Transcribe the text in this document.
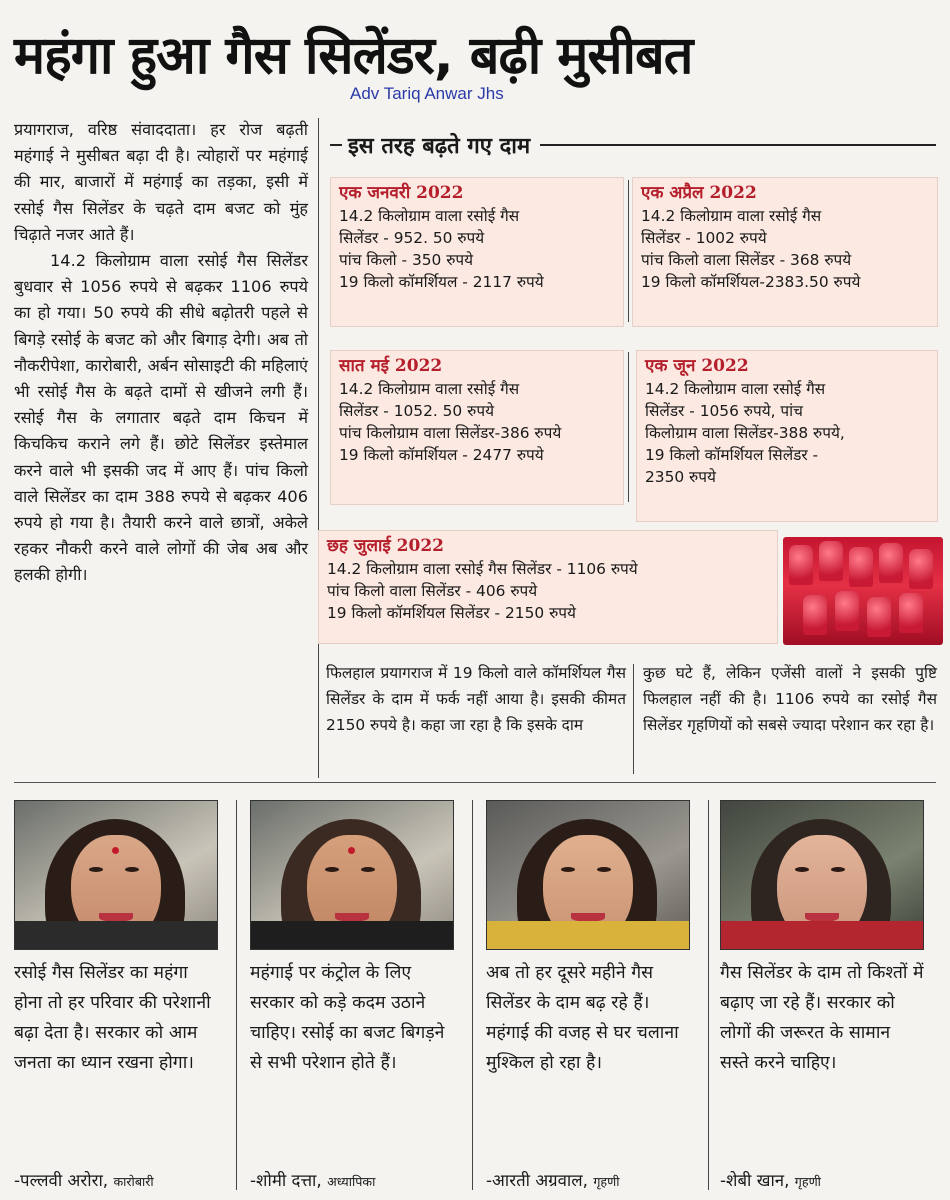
महंगा हुआ गैस सिलेंडर, बढ़ी मुसीबत
Adv Tariq Anwar Jhs

प्रयागराज, वरिष्ठ संवाददाता। हर रोज बढ़ती महंगाई ने मुसीबत बढ़ा दी है। त्योहारों पर महंगाई की मार, बाजारों में महंगाई का तड़का, इसी में रसोई गैस सिलेंडर के चढ़ते दाम बजट को मुंह चिढ़ाते नजर आते हैं।

14.2 किलोग्राम वाला रसोई गैस सिलेंडर बुधवार से 1056 रुपये से बढ़कर 1106 रुपये का हो गया। 50 रुपये की सीधे बढ़ोतरी पहले से बिगड़े रसोई के बजट को और बिगाड़ देगी। अब तो नौकरीपेशा, कारोबारी, अर्बन सोसाइटी की महिलाएं भी रसोई गैस के बढ़ते दामों से खीजने लगी हैं। रसोई गैस के लगातार बढ़ते दाम किचन में किचकिच कराने लगे हैं। छोटे सिलेंडर इस्तेमाल करने वाले भी इसकी जद में आए हैं। पांच किलो वाले सिलेंडर का दाम 388 रुपये से बढ़कर 406 रुपये हो गया है। तैयारी करने वाले छात्रों, अकेले रहकर नौकरी करने वाले लोगों की जेब अब और हलकी होगी।

इस तरह बढ़ते गए दाम
एक जनवरी 2022
14.2 किलोग्राम वाला रसोई गैस
सिलेंडर - 952. 50 रुपये
पांच किलो - 350 रुपये
19 किलो कॉमर्शियल - 2117 रुपये
एक अप्रैल 2022
14.2 किलोग्राम वाला रसोई गैस
सिलेंडर - 1002 रुपये
पांच किलो वाला सिलेंडर - 368 रुपये
19 किलो कॉमर्शियल-2383.50 रुपये
सात मई 2022
14.2 किलोग्राम वाला रसोई गैस
सिलेंडर - 1052. 50 रुपये
पांच किलोग्राम वाला सिलेंडर-386 रुपये
19 किलो कॉमर्शियल - 2477 रुपये
एक जून 2022
14.2 किलोग्राम वाला रसोई गैस
सिलेंडर - 1056 रुपये, पांच
किलोग्राम वाला सिलेंडर-388 रुपये,
19 किलो कॉमर्शियल सिलेंडर -
2350 रुपये
छह जुलाई 2022
14.2 किलोग्राम वाला रसोई गैस सिलेंडर - 1106 रुपये
पांच किलो वाला सिलेंडर - 406 रुपये
19 किलो कॉमर्शियल सिलेंडर - 2150 रुपये
फिलहाल प्रयागराज में 19 किलो वाले कॉमर्शियल गैस सिलेंडर के दाम में फर्क नहीं आया है। इसकी कीमत 2150 रुपये है। कहा जा रहा है कि इसके दाम
कुछ घटे हैं, लेकिन एजेंसी वालों ने इसकी पुष्टि फिलहाल नहीं की है। 1106 रुपये का रसोई गैस सिलेंडर गृहणियों को सबसे ज्यादा परेशान कर रहा है।
रसोई गैस सिलेंडर का महंगा होना तो हर परिवार की परेशानी बढ़ा देता है। सरकार को आम जनता का ध्यान रखना होगा।
-पल्लवी अरोरा, कारोबारी
महंगाई पर कंट्रोल के लिए सरकार को कड़े कदम उठाने चाहिए। रसोई का बजट बिगड़ने से सभी परेशान होते हैं।
-शोमी दत्ता, अध्यापिका
अब तो हर दूसरे महीने गैस सिलेंडर के दाम बढ़ रहे हैं। महंगाई की वजह से घर चलाना मुश्किल हो रहा है।
-आरती अग्रवाल, गृहणी
गैस सिलेंडर के दाम तो किश्तों में बढ़ाए जा रहे हैं। सरकार को लोगों की जरूरत के सामान सस्ते करने चाहिए।
-शेबी खान, गृहणी
